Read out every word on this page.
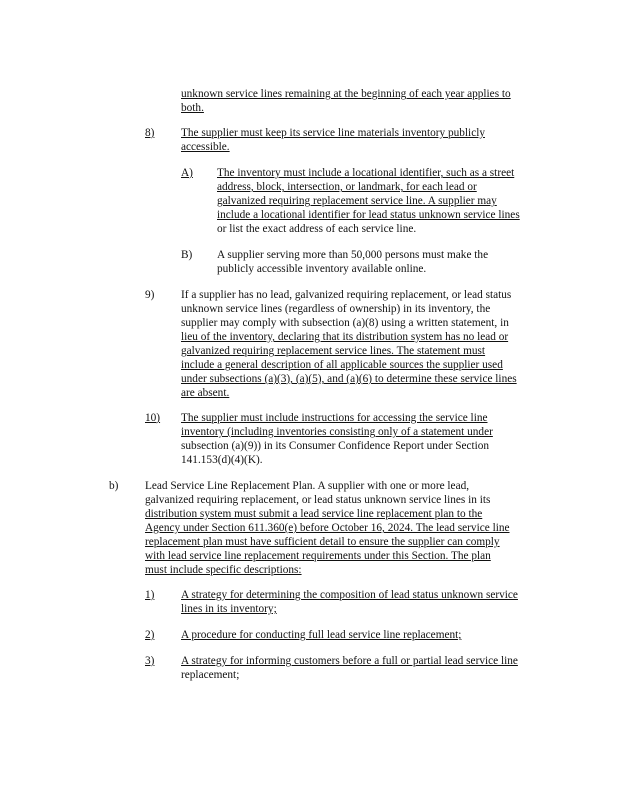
unknown service lines remaining at the beginning of each year applies to
both.
8) The supplier must keep its service line materials inventory publicly
accessible.
A) The inventory must include a locational identifier, such as a street
address, block, intersection, or landmark, for each lead or
galvanized requiring replacement service line. A supplier may
include a locational identifier for lead status unknown service lines
or list the exact address of each service line.
B) A supplier serving more than 50,000 persons must make the
publicly accessible inventory available online.
9) If a supplier has no lead, galvanized requiring replacement, or lead status
unknown service lines (regardless of ownership) in its inventory, the
supplier may comply with subsection (a)(8) using a written statement, in
lieu of the inventory, declaring that its distribution system has no lead or
galvanized requiring replacement service lines. The statement must
include a general description of all applicable sources the supplier used
under subsections (a)(3), (a)(5), and (a)(6) to determine these service lines
are absent.
10) The supplier must include instructions for accessing the service line
inventory (including inventories consisting only of a statement under
subsection (a)(9)) in its Consumer Confidence Report under Section
141.153(d)(4)(K).
b) Lead Service Line Replacement Plan. A supplier with one or more lead,
galvanized requiring replacement, or lead status unknown service lines in its
distribution system must submit a lead service line replacement plan to the
Agency under Section 611.360(e) before October 16, 2024. The lead service line
replacement plan must have sufficient detail to ensure the supplier can comply
with lead service line replacement requirements under this Section. The plan
must include specific descriptions:
1) A strategy for determining the composition of lead status unknown service
lines in its inventory;
2) A procedure for conducting full lead service line replacement;
3) A strategy for informing customers before a full or partial lead service line
replacement;
